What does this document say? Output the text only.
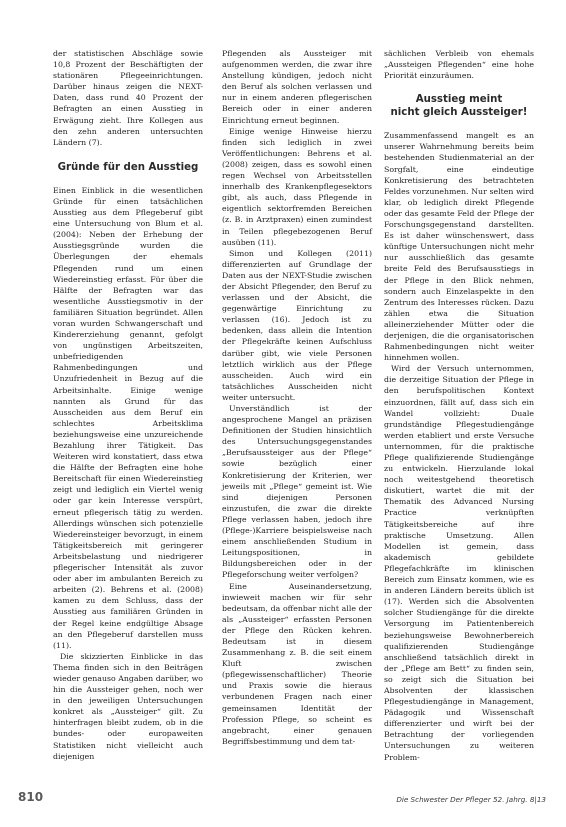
der statistischen Abschläge sowie 10,8 Prozent der Beschäftigten der stationären Pflegeeinrichtungen. Darüber hinaus zeigen die NEXT-Daten, dass rund 40 Prozent der Befragten an einen Ausstieg in Erwägung zieht. Ihre Kollegen aus den zehn anderen untersuchten Ländern (7).

Gründe für den Ausstieg

Einen Einblick in die wesentlichen Gründe für einen tatsächlichen Ausstieg aus dem Pflegeberuf gibt eine Untersuchung von Blum et al. (2004): Neben der Erhebung der Ausstiegsgründe wurden die Überlegungen der ehemals Pflegenden rund um einen Wiedereinstieg erfasst. Für über die Hälfte der Befragten war das wesentliche Ausstiegsmotiv in der familiären Situation begründet. Allen voran wurden Schwangerschaft und Kindererziehung genannt, gefolgt von ungünstigen Arbeitszeiten, unbefriedigenden Rahmenbedingungen und Unzufriedenheit in Bezug auf die Arbeitsinhalte. Einige wenige nannten als Grund für das Ausscheiden aus dem Beruf ein schlechtes Arbeitsklima beziehungsweise eine unzureichende Bezahlung ihrer Tätigkeit. Das Weiteren wird konstatiert, dass etwa die Hälfte der Befragten eine hohe Bereitschaft für einen Wiedereinstieg zeigt und lediglich ein Viertel wenig oder gar kein Interesse verspürt, erneut pflegerisch tätig zu werden. Allerdings wünschen sich potenzielle Wiedereinsteiger bevorzugt, in einem Tätigkeitsbereich mit geringerer Arbeitsbelastung und niedrigerer pflegerischer Intensität als zuvor oder aber im ambulanten Bereich zu arbeiten (2). Behrens et al. (2008) kamen zu dem Schluss, dass der Ausstieg aus familiären Gründen in der Regel keine endgültige Absage an den Pflegeberuf darstellen muss (11).

Die skizzierten Einblicke in das Thema finden sich in den Beiträgen wieder genauso Angaben darüber, wo hin die Aussteiger gehen, noch wer in den jeweiligen Untersuchungen konkret als „Aussteiger“ gilt. Zu hinterfragen bleibt zudem, ob in die bundes- oder europaweiten Statistiken nicht vielleicht auch diejenigen

Pflegenden als Aussteiger mit aufgenommen werden, die zwar ihre Anstellung kündigen, jedoch nicht den Beruf als solchen verlassen und nur in einem anderen pflegerischen Bereich oder in einer anderen Einrichtung erneut beginnen.

Einige wenige Hinweise hierzu finden sich lediglich in zwei Veröffentlichungen: Behrens et al. (2008) zeigen, dass es sowohl einen regen Wechsel von Arbeitsstellen innerhalb des Krankenpflegesektors gibt, als auch, dass Pflegende in eigentlich sektorfremden Bereichen (z. B. in Arztpraxen) einen zumindest in Teilen pflegebezogenen Beruf ausüben (11).

Simon und Kollegen (2011) differenzierten auf Grundlage der Daten aus der NEXT-Studie zwischen der Absicht Pflegender, den Beruf zu verlassen und der Absicht, die gegenwärtige Einrichtung zu verlassen (16). Jedoch ist zu bedenken, dass allein die Intention der Pflegekräfte keinen Aufschluss darüber gibt, wie viele Personen letztlich wirklich aus der Pflege ausscheiden. Auch wird ein tatsächliches Ausscheiden nicht weiter untersucht.

Unverständlich ist der angesprochene Mangel an präzisen Definitionen der Studien hinsichtlich des Untersuchungsgegenstandes „Berufsaussteiger aus der Pflege“ sowie bezüglich einer Konkretisierung der Kriterien, wer jeweils mit „Pflege“ gemeint ist. Wie sind diejenigen Personen einzustufen, die zwar die direkte Pflege verlassen haben, jedoch ihre (Pflege-)Karriere beispielsweise nach einem anschließenden Studium in Leitungspositionen, in Bildungsbereichen oder in der Pflegeforschung weiter verfolgen?

Eine Auseinandersetzung, inwieweit machen wir für sehr bedeutsam, da offenbar nicht alle der als „Aussteiger“ erfassten Personen der Pflege den Rücken kehren. Bedeutsam ist in diesem Zusammenhang z. B. die seit einem Kluft zwischen (pflegewissenschaftlicher) Theorie und Praxis sowie die hieraus verbundenen Fragen nach einer gemeinsamen Identität der Profession Pflege, so scheint es angebracht, einer genauen Begriffsbestimmung und dem tat-

sächlichen Verbleib von ehemals „Aussteigen Pflegenden“ eine hohe Priorität einzuräumen.

Ausstieg meint
nicht gleich Aussteiger!

Zusammenfassend mangelt es an unserer Wahrnehmung bereits beim bestehenden Studienmaterial an der Sorgfalt, eine eindeutige Konkretisierung des betrachteten Feldes vorzunehmen. Nur selten wird klar, ob lediglich direkt Pflegende oder das gesamte Feld der Pflege der Forschungsgegenstand darstellten. Es ist daher wünschenswert, dass künftige Untersuchungen nicht mehr nur ausschließlich das gesamte breite Feld des Berufsausstiegs in der Pflege in den Blick nehmen, sondern auch Einzelaspekte in den Zentrum des Interesses rücken. Dazu zählen etwa die Situation alleinerziehender Mütter oder die derjenigen, die die organisatorischen Rahmenbedingungen nicht weiter hinnehmen wollen.

Wird der Versuch unternommen, die derzeitige Situation der Pflege in den berufspolitischen Kontext einzuordnen, fällt auf, dass sich ein Wandel vollzieht: Duale grundständige Pflegestudiengänge werden etabliert und erste Versuche unternommen, für die praktische Pflege qualifizierende Studiengänge zu entwickeln. Hierzulande lokal noch weitestgehend theoretisch diskutiert, wartet die mit der Thematik des Advanced Nursing Practice verknüpften Tätigkeitsbereiche auf ihre praktische Umsetzung. Allen Modellen ist gemein, dass akademisch gebildete Pflegefachkräfte im klinischen Bereich zum Einsatz kommen, wie es in anderen Ländern bereits üblich ist (17). Werden sich die Absolventen solcher Studiengänge für die direkte Versorgung im Patientenbereich beziehungsweise Bewohnerbereich qualifizierenden Studiengänge anschließend tatsächlich direkt in der „Pflege am Bett“ zu finden sein, so zeigt sich die Situation bei Absolventen der klassischen Pflegestudiengänge in Management, Pädagogik und Wissenschaft differenzierter und wirft bei der Betrachtung der vorliegenden Untersuchungen zu weiteren Problem-

810	Die Schwester Der Pfleger 52. Jahrg. 8|13
